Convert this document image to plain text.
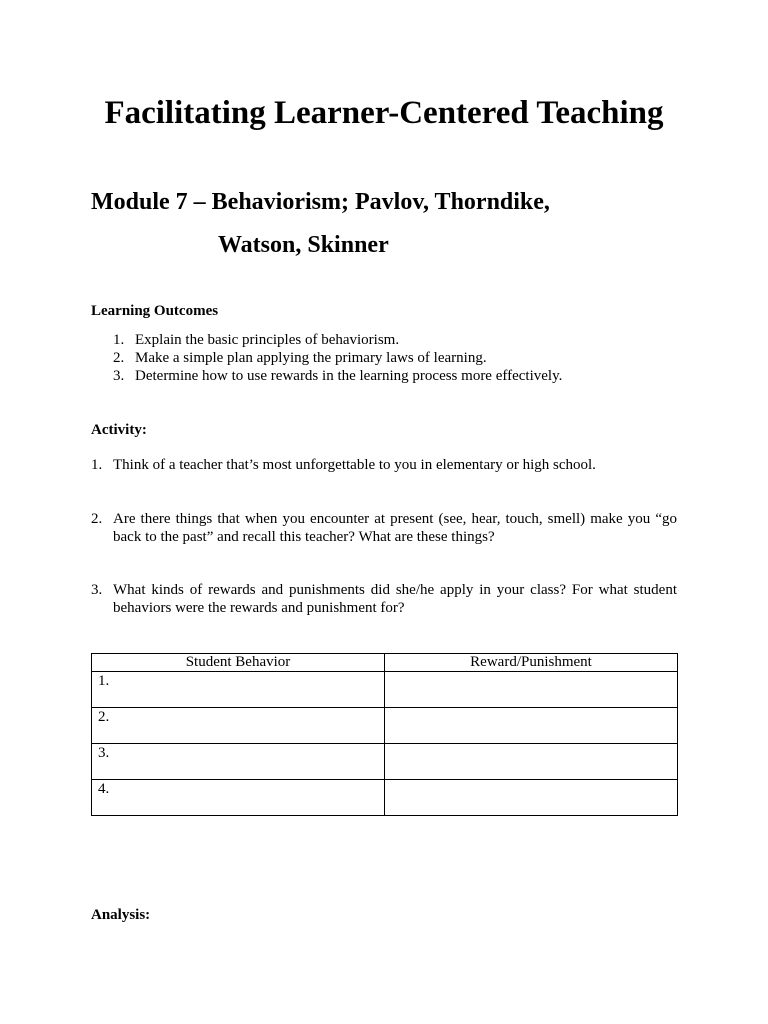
Facilitating Learner-Centered Teaching
Module 7 – Behaviorism; Pavlov, Thorndike,
Watson, Skinner
Learning Outcomes
1. Explain the basic principles of behaviorism.
2. Make a simple plan applying the primary laws of learning.
3. Determine how to use rewards in the learning process more effectively.
Activity:
1. Think of a teacher that’s most unforgettable to you in elementary or high school.
2. Are there things that when you encounter at present (see, hear, touch, smell) make you “go back to the past” and recall this teacher? What are these things?
3. What kinds of rewards and punishments did she/he apply in your class? For what student behaviors were the rewards and punishment for?
Student Behavior	Reward/Punishment
1.	
2.	
3.	
4.	
Analysis:
